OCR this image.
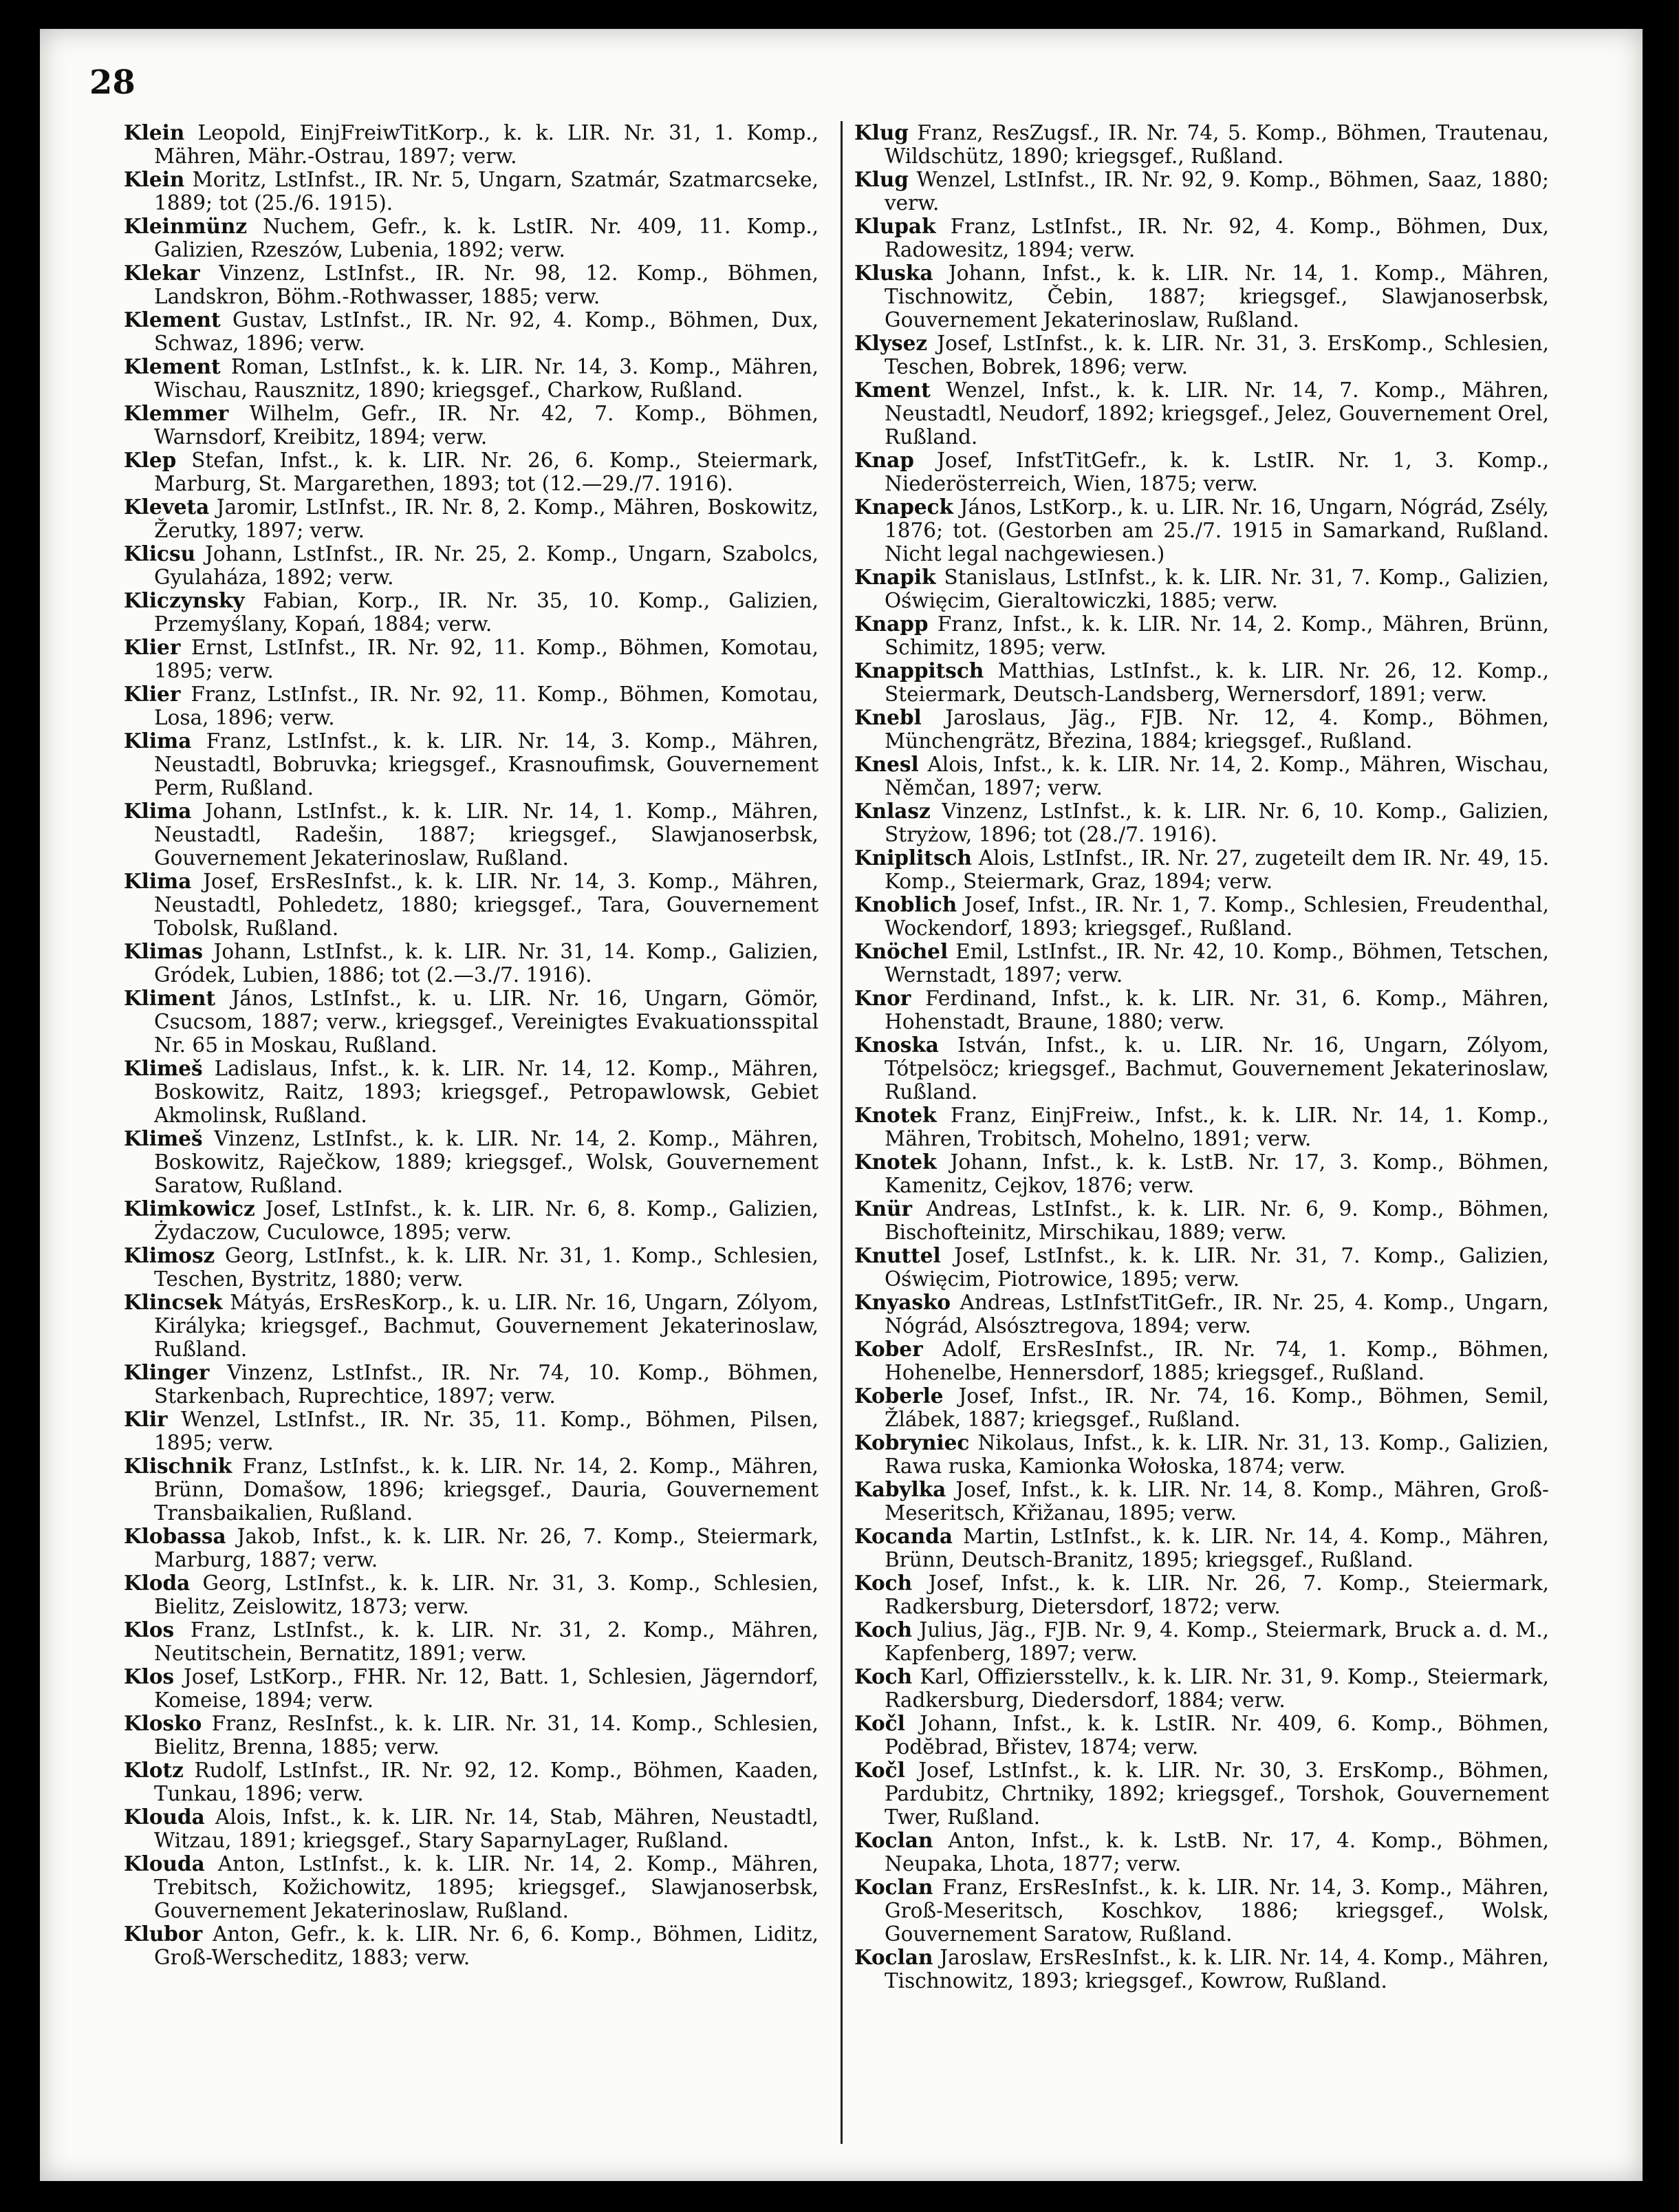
28
Klein Leopold, EinjFreiwTitKorp., k. k. LIR. Nr. 31, 1. Komp., Mähren, Mähr.-Ostrau, 1897; verw.
Klein Moritz, LstInfst., IR. Nr. 5, Ungarn, Szatmár, Szatmarcseke, 1889; tot (25./6. 1915).
Kleinmünz Nuchem, Gefr., k. k. LstIR. Nr. 409, 11. Komp., Galizien, Rzeszów, Lubenia, 1892; verw.
Klekar Vinzenz, LstInfst., IR. Nr. 98, 12. Komp., Böhmen, Landskron, Böhm.-Rothwasser, 1885; verw.
Klement Gustav, LstInfst., IR. Nr. 92, 4. Komp., Böhmen, Dux, Schwaz, 1896; verw.
Klement Roman, LstInfst., k. k. LIR. Nr. 14, 3. Komp., Mähren, Wischau, Rausznitz, 1890; kriegsgef., Charkow, Rußland.
Klemmer Wilhelm, Gefr., IR. Nr. 42, 7. Komp., Böhmen, Warnsdorf, Kreibitz, 1894; verw.
Klep Stefan, Infst., k. k. LIR. Nr. 26, 6. Komp., Steiermark, Marburg, St. Margarethen, 1893; tot (12.—29./7. 1916).
Kleveta Jaromir, LstInfst., IR. Nr. 8, 2. Komp., Mähren, Boskowitz, Žerutky, 1897; verw.
Klicsu Johann, LstInfst., IR. Nr. 25, 2. Komp., Ungarn, Szabolcs, Gyulaháza, 1892; verw.
Kliczynsky Fabian, Korp., IR. Nr. 35, 10. Komp., Galizien, Przemyślany, Kopań, 1884; verw.
Klier Ernst, LstInfst., IR. Nr. 92, 11. Komp., Böhmen, Komotau, 1895; verw.
Klier Franz, LstInfst., IR. Nr. 92, 11. Komp., Böhmen, Komotau, Losa, 1896; verw.
Klima Franz, LstInfst., k. k. LIR. Nr. 14, 3. Komp., Mähren, Neustadtl, Bobruvka; kriegsgef., Krasnoufimsk, Gouvernement Perm, Rußland.
Klima Johann, LstInfst., k. k. LIR. Nr. 14, 1. Komp., Mähren, Neustadtl, Radešin, 1887; kriegsgef., Slawjanoserbsk, Gouvernement Jekaterinoslaw, Rußland.
Klima Josef, ErsResInfst., k. k. LIR. Nr. 14, 3. Komp., Mähren, Neustadtl, Pohledetz, 1880; kriegsgef., Tara, Gouvernement Tobolsk, Rußland.
Klimas Johann, LstInfst., k. k. LIR. Nr. 31, 14. Komp., Galizien, Gródek, Lubien, 1886; tot (2.—3./7. 1916).
Kliment János, LstInfst., k. u. LIR. Nr. 16, Ungarn, Gömör, Csucsom, 1887; verw., kriegsgef., Vereinigtes Evakuationsspital Nr. 65 in Moskau, Rußland.
Klimeš Ladislaus, Infst., k. k. LIR. Nr. 14, 12. Komp., Mähren, Boskowitz, Raitz, 1893; kriegsgef., Petropawlowsk, Gebiet Akmolinsk, Rußland.
Klimeš Vinzenz, LstInfst., k. k. LIR. Nr. 14, 2. Komp., Mähren, Boskowitz, Raječkow, 1889; kriegsgef., Wolsk, Gouvernement Saratow, Rußland.
Klimkowicz Josef, LstInfst., k. k. LIR. Nr. 6, 8. Komp., Galizien, Żydaczow, Cuculowce, 1895; verw.
Klimosz Georg, LstInfst., k. k. LIR. Nr. 31, 1. Komp., Schlesien, Teschen, Bystritz, 1880; verw.
Klincsek Mátyás, ErsResKorp., k. u. LIR. Nr. 16, Ungarn, Zólyom, Királyka; kriegsgef., Bachmut, Gouvernement Jekaterinoslaw, Rußland.
Klinger Vinzenz, LstInfst., IR. Nr. 74, 10. Komp., Böhmen, Starkenbach, Ruprechtice, 1897; verw.
Klir Wenzel, LstInfst., IR. Nr. 35, 11. Komp., Böhmen, Pilsen, 1895; verw.
Klischnik Franz, LstInfst., k. k. LIR. Nr. 14, 2. Komp., Mähren, Brünn, Domašow, 1896; kriegsgef., Dauria, Gouvernement Transbaikalien, Rußland.
Klobassa Jakob, Infst., k. k. LIR. Nr. 26, 7. Komp., Steiermark, Marburg, 1887; verw.
Kloda Georg, LstInfst., k. k. LIR. Nr. 31, 3. Komp., Schlesien, Bielitz, Zeislowitz, 1873; verw.
Klos Franz, LstInfst., k. k. LIR. Nr. 31, 2. Komp., Mähren, Neutitschein, Bernatitz, 1891; verw.
Klos Josef, LstKorp., FHR. Nr. 12, Batt. 1, Schlesien, Jägerndorf, Komeise, 1894; verw.
Klosko Franz, ResInfst., k. k. LIR. Nr. 31, 14. Komp., Schlesien, Bielitz, Brenna, 1885; verw.
Klotz Rudolf, LstInfst., IR. Nr. 92, 12. Komp., Böhmen, Kaaden, Tunkau, 1896; verw.
Klouda Alois, Infst., k. k. LIR. Nr. 14, Stab, Mähren, Neustadtl, Witzau, 1891; kriegsgef., Stary SaparnyLager, Rußland.
Klouda Anton, LstInfst., k. k. LIR. Nr. 14, 2. Komp., Mähren, Trebitsch, Kožichowitz, 1895; kriegsgef., Slawjanoserbsk, Gouvernement Jekaterinoslaw, Rußland.
Klubor Anton, Gefr., k. k. LIR. Nr. 6, 6. Komp., Böhmen, Liditz, Groß-Werscheditz, 1883; verw.
Klug Franz, ResZugsf., IR. Nr. 74, 5. Komp., Böhmen, Trautenau, Wildschütz, 1890; kriegsgef., Rußland.
Klug Wenzel, LstInfst., IR. Nr. 92, 9. Komp., Böhmen, Saaz, 1880; verw.
Klupak Franz, LstInfst., IR. Nr. 92, 4. Komp., Böhmen, Dux, Radowesitz, 1894; verw.
Kluska Johann, Infst., k. k. LIR. Nr. 14, 1. Komp., Mähren, Tischnowitz, Čebin, 1887; kriegsgef., Slawjanoserbsk, Gouvernement Jekaterinoslaw, Rußland.
Klysez Josef, LstInfst., k. k. LIR. Nr. 31, 3. ErsKomp., Schlesien, Teschen, Bobrek, 1896; verw.
Kment Wenzel, Infst., k. k. LIR. Nr. 14, 7. Komp., Mähren, Neustadtl, Neudorf, 1892; kriegsgef., Jelez, Gouvernement Orel, Rußland.
Knap Josef, InfstTitGefr., k. k. LstIR. Nr. 1, 3. Komp., Niederösterreich, Wien, 1875; verw.
Knapeck János, LstKorp., k. u. LIR. Nr. 16, Ungarn, Nógrád, Zsély, 1876; tot. (Gestorben am 25./7. 1915 in Samarkand, Rußland. Nicht legal nachgewiesen.)
Knapik Stanislaus, LstInfst., k. k. LIR. Nr. 31, 7. Komp., Galizien, Oświęcim, Gieraltowiczki, 1885; verw.
Knapp Franz, Infst., k. k. LIR. Nr. 14, 2. Komp., Mähren, Brünn, Schimitz, 1895; verw.
Knappitsch Matthias, LstInfst., k. k. LIR. Nr. 26, 12. Komp., Steiermark, Deutsch-Landsberg, Wernersdorf, 1891; verw.
Knebl Jaroslaus, Jäg., FJB. Nr. 12, 4. Komp., Böhmen, Münchengrätz, Březina, 1884; kriegsgef., Rußland.
Knesl Alois, Infst., k. k. LIR. Nr. 14, 2. Komp., Mähren, Wischau, Němčan, 1897; verw.
Knlasz Vinzenz, LstInfst., k. k. LIR. Nr. 6, 10. Komp., Galizien, Stryżow, 1896; tot (28./7. 1916).
Kniplitsch Alois, LstInfst., IR. Nr. 27, zugeteilt dem IR. Nr. 49, 15. Komp., Steiermark, Graz, 1894; verw.
Knoblich Josef, Infst., IR. Nr. 1, 7. Komp., Schlesien, Freudenthal, Wockendorf, 1893; kriegsgef., Rußland.
Knöchel Emil, LstInfst., IR. Nr. 42, 10. Komp., Böhmen, Tetschen, Wernstadt, 1897; verw.
Knor Ferdinand, Infst., k. k. LIR. Nr. 31, 6. Komp., Mähren, Hohenstadt, Braune, 1880; verw.
Knoska István, Infst., k. u. LIR. Nr. 16, Ungarn, Zólyom, Tótpelsöcz; kriegsgef., Bachmut, Gouvernement Jekaterinoslaw, Rußland.
Knotek Franz, EinjFreiw., Infst., k. k. LIR. Nr. 14, 1. Komp., Mähren, Trobitsch, Mohelno, 1891; verw.
Knotek Johann, Infst., k. k. LstB. Nr. 17, 3. Komp., Böhmen, Kamenitz, Cejkov, 1876; verw.
Knür Andreas, LstInfst., k. k. LIR. Nr. 6, 9. Komp., Böhmen, Bischofteinitz, Mirschikau, 1889; verw.
Knuttel Josef, LstInfst., k. k. LIR. Nr. 31, 7. Komp., Galizien, Oświęcim, Piotrowice, 1895; verw.
Knyasko Andreas, LstInfstTitGefr., IR. Nr. 25, 4. Komp., Ungarn, Nógrád, Alsósztregova, 1894; verw.
Kober Adolf, ErsResInfst., IR. Nr. 74, 1. Komp., Böhmen, Hohenelbe, Hennersdorf, 1885; kriegsgef., Rußland.
Koberle Josef, Infst., IR. Nr. 74, 16. Komp., Böhmen, Semil, Žlábek, 1887; kriegsgef., Rußland.
Kobryniec Nikolaus, Infst., k. k. LIR. Nr. 31, 13. Komp., Galizien, Rawa ruska, Kamionka Wołoska, 1874; verw.
Kabylka Josef, Infst., k. k. LIR. Nr. 14, 8. Komp., Mähren, Groß-Meseritsch, Křižanau, 1895; verw.
Kocanda Martin, LstInfst., k. k. LIR. Nr. 14, 4. Komp., Mähren, Brünn, Deutsch-Branitz, 1895; kriegsgef., Rußland.
Koch Josef, Infst., k. k. LIR. Nr. 26, 7. Komp., Steiermark, Radkersburg, Dietersdorf, 1872; verw.
Koch Julius, Jäg., FJB. Nr. 9, 4. Komp., Steiermark, Bruck a. d. M., Kapfenberg, 1897; verw.
Koch Karl, Offiziersstellv., k. k. LIR. Nr. 31, 9. Komp., Steiermark, Radkersburg, Diedersdorf, 1884; verw.
Kočl Johann, Infst., k. k. LstIR. Nr. 409, 6. Komp., Böhmen, Podĕbrad, Břistev, 1874; verw.
Kočl Josef, LstInfst., k. k. LIR. Nr. 30, 3. ErsKomp., Böhmen, Pardubitz, Chrtniky, 1892; kriegsgef., Torshok, Gouvernement Twer, Rußland.
Koclan Anton, Infst., k. k. LstB. Nr. 17, 4. Komp., Böhmen, Neupaka, Lhota, 1877; verw.
Koclan Franz, ErsResInfst., k. k. LIR. Nr. 14, 3. Komp., Mähren, Groß-Meseritsch, Koschkov, 1886; kriegsgef., Wolsk, Gouvernement Saratow, Rußland.
Koclan Jaroslaw, ErsResInfst., k. k. LIR. Nr. 14, 4. Komp., Mähren, Tischnowitz, 1893; kriegsgef., Kowrow, Rußland.
